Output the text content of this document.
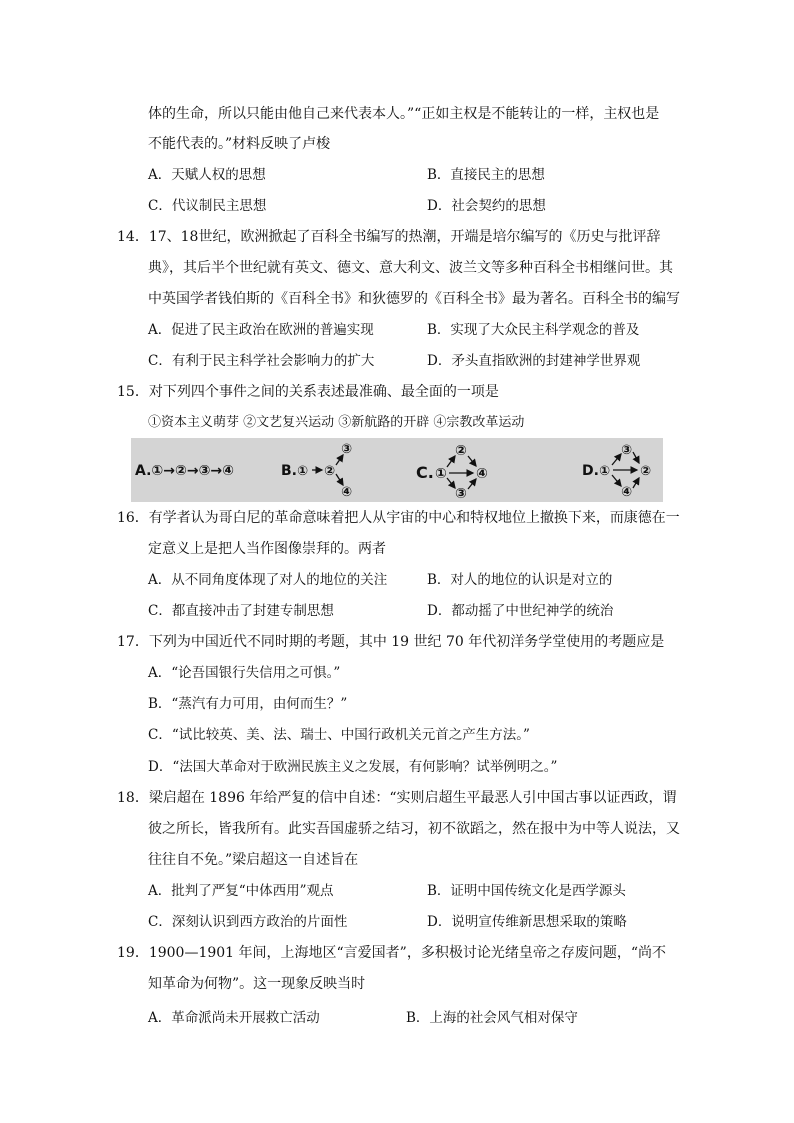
体的生命，所以只能由他自己来代表本人。”“正如主权是不能转让的一样，主权也是
不能代表的。”材料反映了卢梭
A．天赋人权的思想	B．直接民主的思想
C．代议制民主思想	D．社会契约的思想
14．17、18世纪，欧洲掀起了百科全书编写的热潮，开端是培尔编写的《历史与批评辞
典》，其后半个世纪就有英文、德文、意大利文、波兰文等多种百科全书相继问世。其
中英国学者钱伯斯的《百科全书》和狄德罗的《百科全书》最为著名。百科全书的编写
A．促进了民主政治在欧洲的普遍实现	B．实现了大众民主科学观念的普及
C．有利于民主科学社会影响力的扩大	D．矛头直指欧洲的封建神学世界观
15．对下列四个事件之间的关系表述最准确、最全面的一项是
①资本主义萌芽 ②文艺复兴运动 ③新航路的开辟 ④宗教改革运动
A.①→②→③→④	B. ① ②
③
④
C. ①
②
③
④	D. ①
③
②
④
16．有学者认为哥白尼的革命意味着把人从宇宙的中心和特权地位上撤换下来，而康德在一
定意义上是把人当作图像崇拜的。两者
A．从不同角度体现了对人的地位的关注	B．对人的地位的认识是对立的
C．都直接冲击了封建专制思想	D．都动摇了中世纪神学的统治
17．下列为中国近代不同时期的考题，其中 19 世纪 70 年代初洋务学堂使用的考题应是
A．“论吾国银行失信用之可惧。”
B．“蒸汽有力可用，由何而生？”
C．“试比较英、美、法、瑞士、中国行政机关元首之产生方法。”
D．“法国大革命对于欧洲民族主义之发展，有何影响？试举例明之。”
18．梁启超在 1896 年给严复的信中自述：“实则启超生平最恶人引中国古事以证西政，谓
彼之所长，皆我所有。此实吾国虚骄之结习，初不欲蹈之，然在报中为中等人说法，又
往往自不免。”梁启超这一自述旨在
A．批判了严复“中体西用”观点	B．证明中国传统文化是西学源头
C．深刻认识到西方政治的片面性	D．说明宣传维新思想采取的策略
19．1900—1901 年间，上海地区“言爱国者”，多积极讨论光绪皇帝之存废问题，“尚不
知革命为何物”。这一现象反映当时
A．革命派尚未开展救亡活动	B．上海的社会风气相对保守
